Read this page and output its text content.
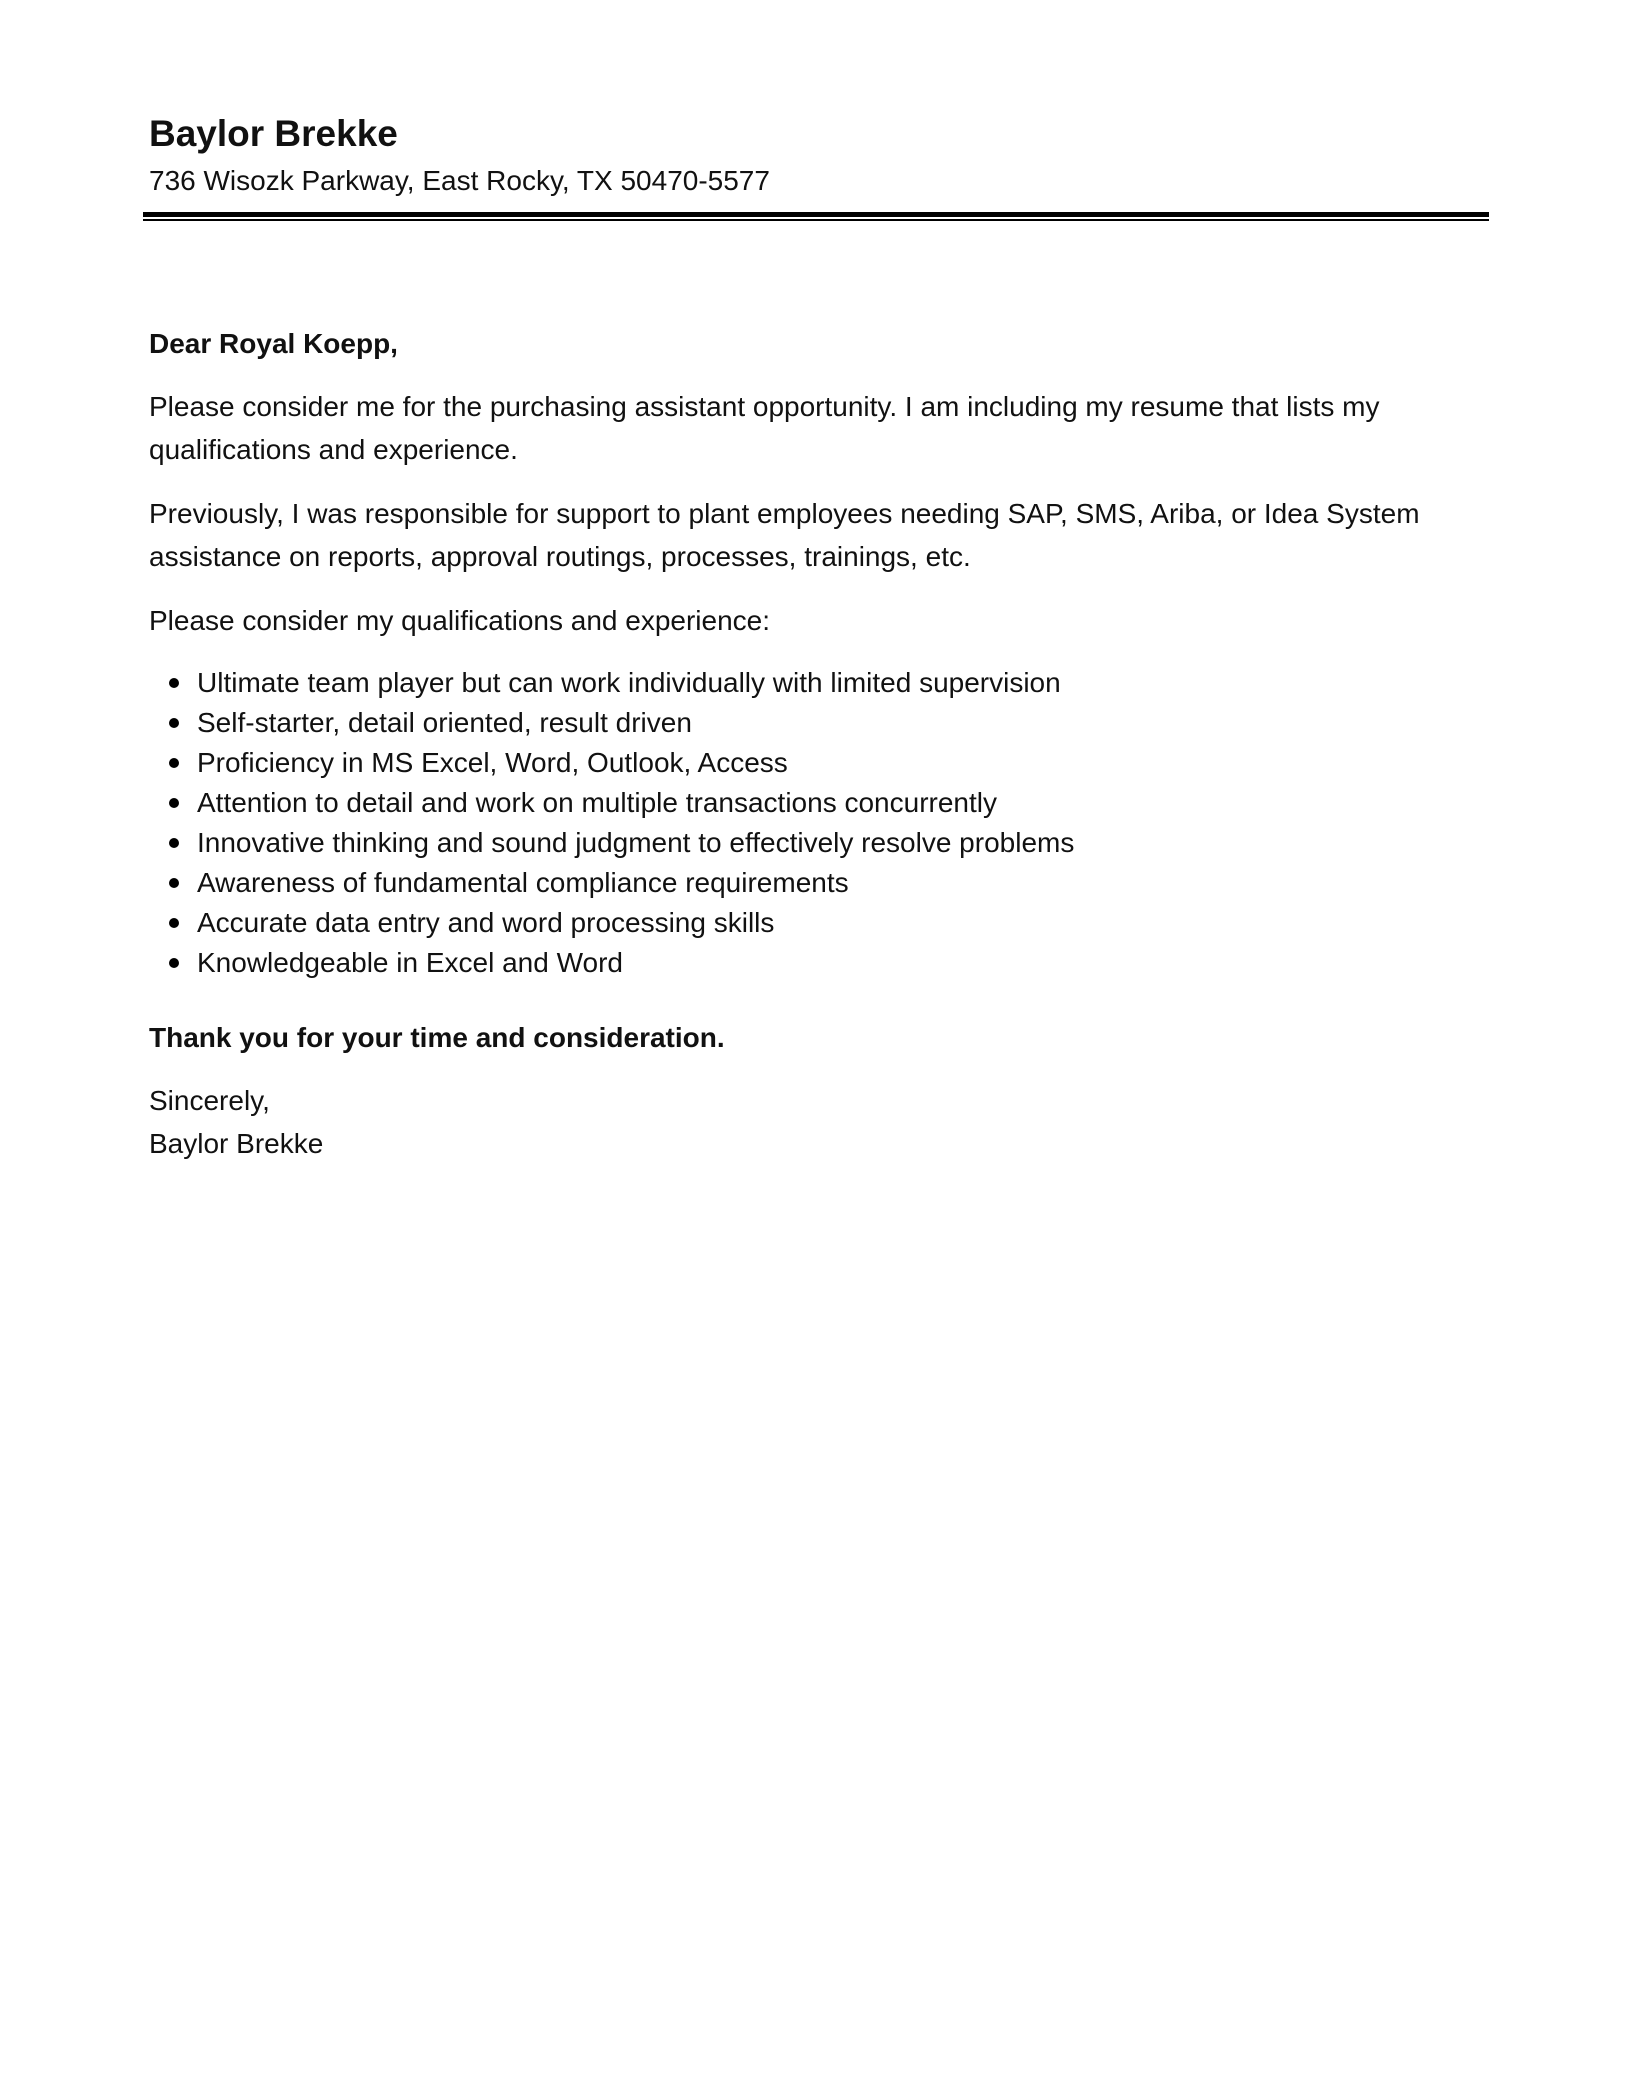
Baylor Brekke

736 Wisozk Parkway, East Rocky, TX 50470-5577

Dear Royal Koepp,

Please consider me for the purchasing assistant opportunity. I am including my resume that lists my qualifications and experience.

Previously, I was responsible for support to plant employees needing SAP, SMS, Ariba, or Idea System assistance on reports, approval routings, processes, trainings, etc.

Please consider my qualifications and experience:

Ultimate team player but can work individually with limited supervision
Self-starter, detail oriented, result driven
Proficiency in MS Excel, Word, Outlook, Access
Attention to detail and work on multiple transactions concurrently
Innovative thinking and sound judgment to effectively resolve problems
Awareness of fundamental compliance requirements
Accurate data entry and word processing skills
Knowledgeable in Excel and Word

Thank you for your time and consideration.

Sincerely,

Baylor Brekke
